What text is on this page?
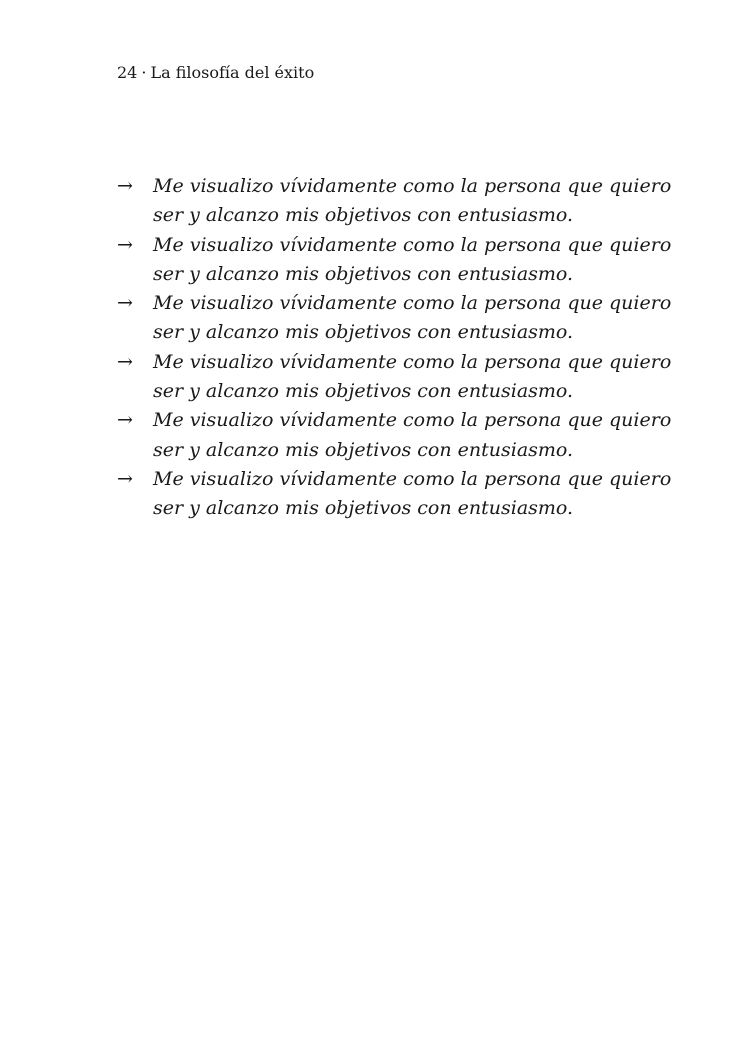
24 · La filosofía del éxito
→ Me visualizo vívidamente como la persona que quiero
ser y alcanzo mis objetivos con entusiasmo.
→ Me visualizo vívidamente como la persona que quiero
ser y alcanzo mis objetivos con entusiasmo.
→ Me visualizo vívidamente como la persona que quiero
ser y alcanzo mis objetivos con entusiasmo.
→ Me visualizo vívidamente como la persona que quiero
ser y alcanzo mis objetivos con entusiasmo.
→ Me visualizo vívidamente como la persona que quiero
ser y alcanzo mis objetivos con entusiasmo.
→ Me visualizo vívidamente como la persona que quiero
ser y alcanzo mis objetivos con entusiasmo.
